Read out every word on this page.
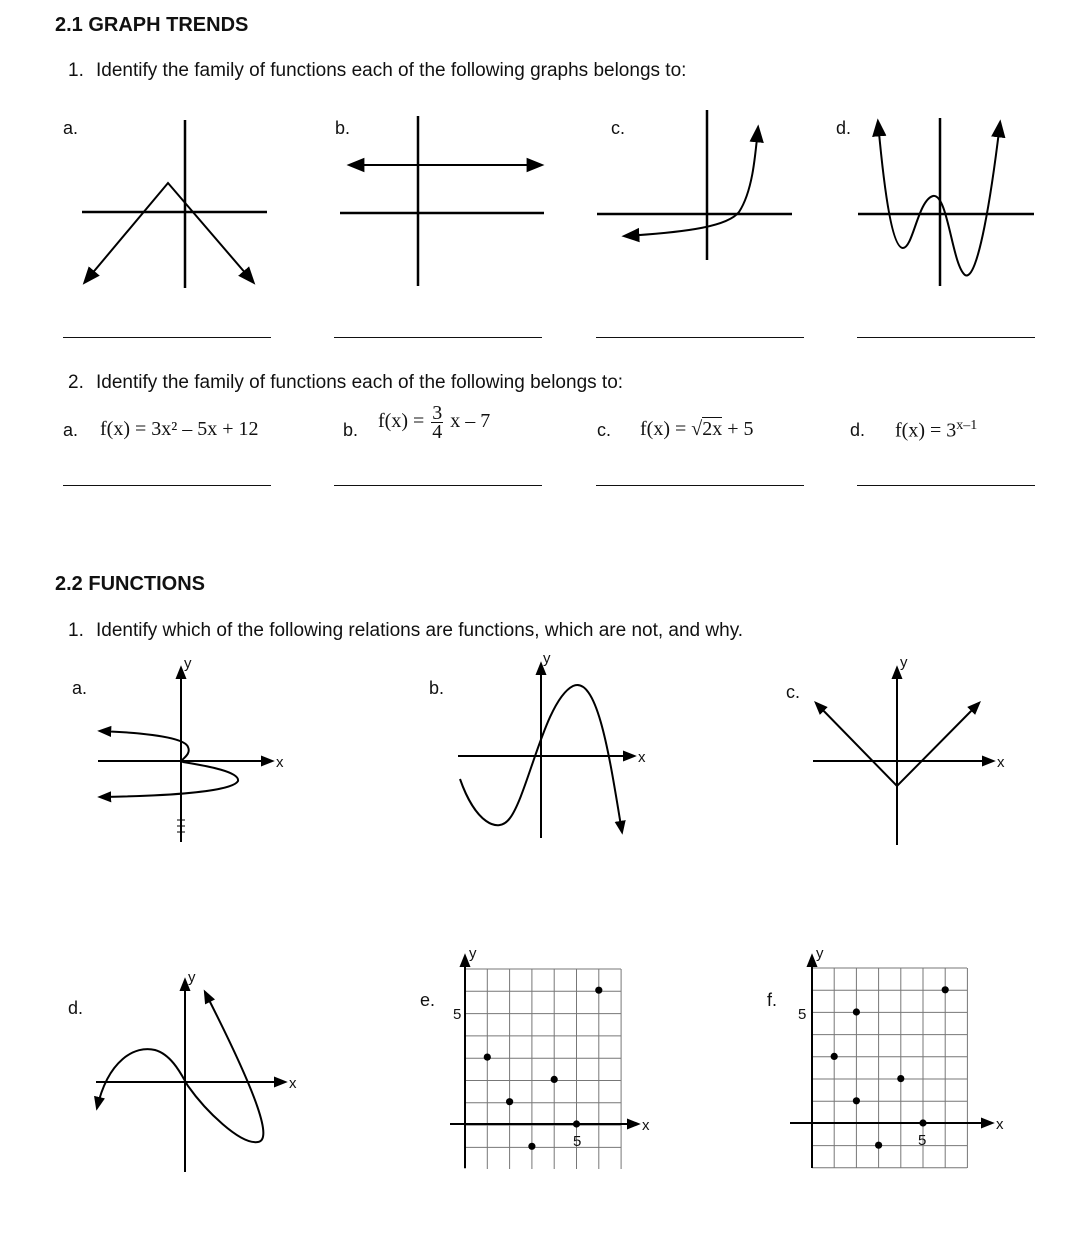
2.1 GRAPH TRENDS
1. Identify the family of functions each of the following graphs belongs to:
a.	b.	c.	d.
2. Identify the family of functions each of the following belongs to:
a. f(x) = 3x² – 5x + 12	b. $f(x) = \frac{3}{4}$ x – 7	c. f(x) = √2x + 5	d. $f(x) = 3^{x-1}$
2.2 FUNCTIONS
1. Identify which of the following relations are functions, which are not, and why.
a.	b.	c.
d.	e.	f.
x
y
x
y
x
y
x
y
x
y
5
5
x
y
5
5
